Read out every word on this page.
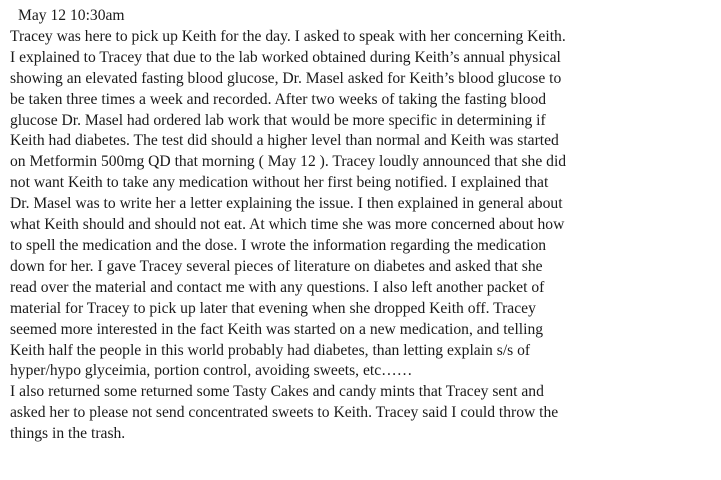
May 12 10:30am
Tracey was here to pick up Keith for the day. I asked to speak with her concerning Keith.
I explained to Tracey that due to the lab worked obtained during Keith’s annual physical
showing an elevated fasting blood glucose, Dr. Masel asked for Keith’s blood glucose to
be taken three times a week and recorded. After two weeks of taking the fasting blood
glucose Dr. Masel had ordered lab work that would be more specific in determining if
Keith had diabetes. The test did should a higher level than normal and Keith was started
on Metformin 500mg QD that morning ( May 12 ). Tracey loudly announced that she did
not want Keith to take any medication without her first being notified. I explained that
Dr. Masel was to write her a letter explaining the issue. I then explained in general about
what Keith should and should not eat. At which time she was more concerned about how
to spell the medication and the dose. I wrote the information regarding the medication
down for her. I gave Tracey several pieces of literature on diabetes and asked that she
read over the material and contact me with any questions. I also left another packet of
material for Tracey to pick up later that evening when she dropped Keith off. Tracey
seemed more interested in the fact Keith was started on a new medication, and telling
Keith half the people in this world probably had diabetes, than letting explain s/s of
hyper/hypo glyceimia, portion control, avoiding sweets, etc……
I also returned some returned some Tasty Cakes and candy mints that Tracey sent and
asked her to please not send concentrated sweets to Keith. Tracey said I could throw the
things in the trash.
